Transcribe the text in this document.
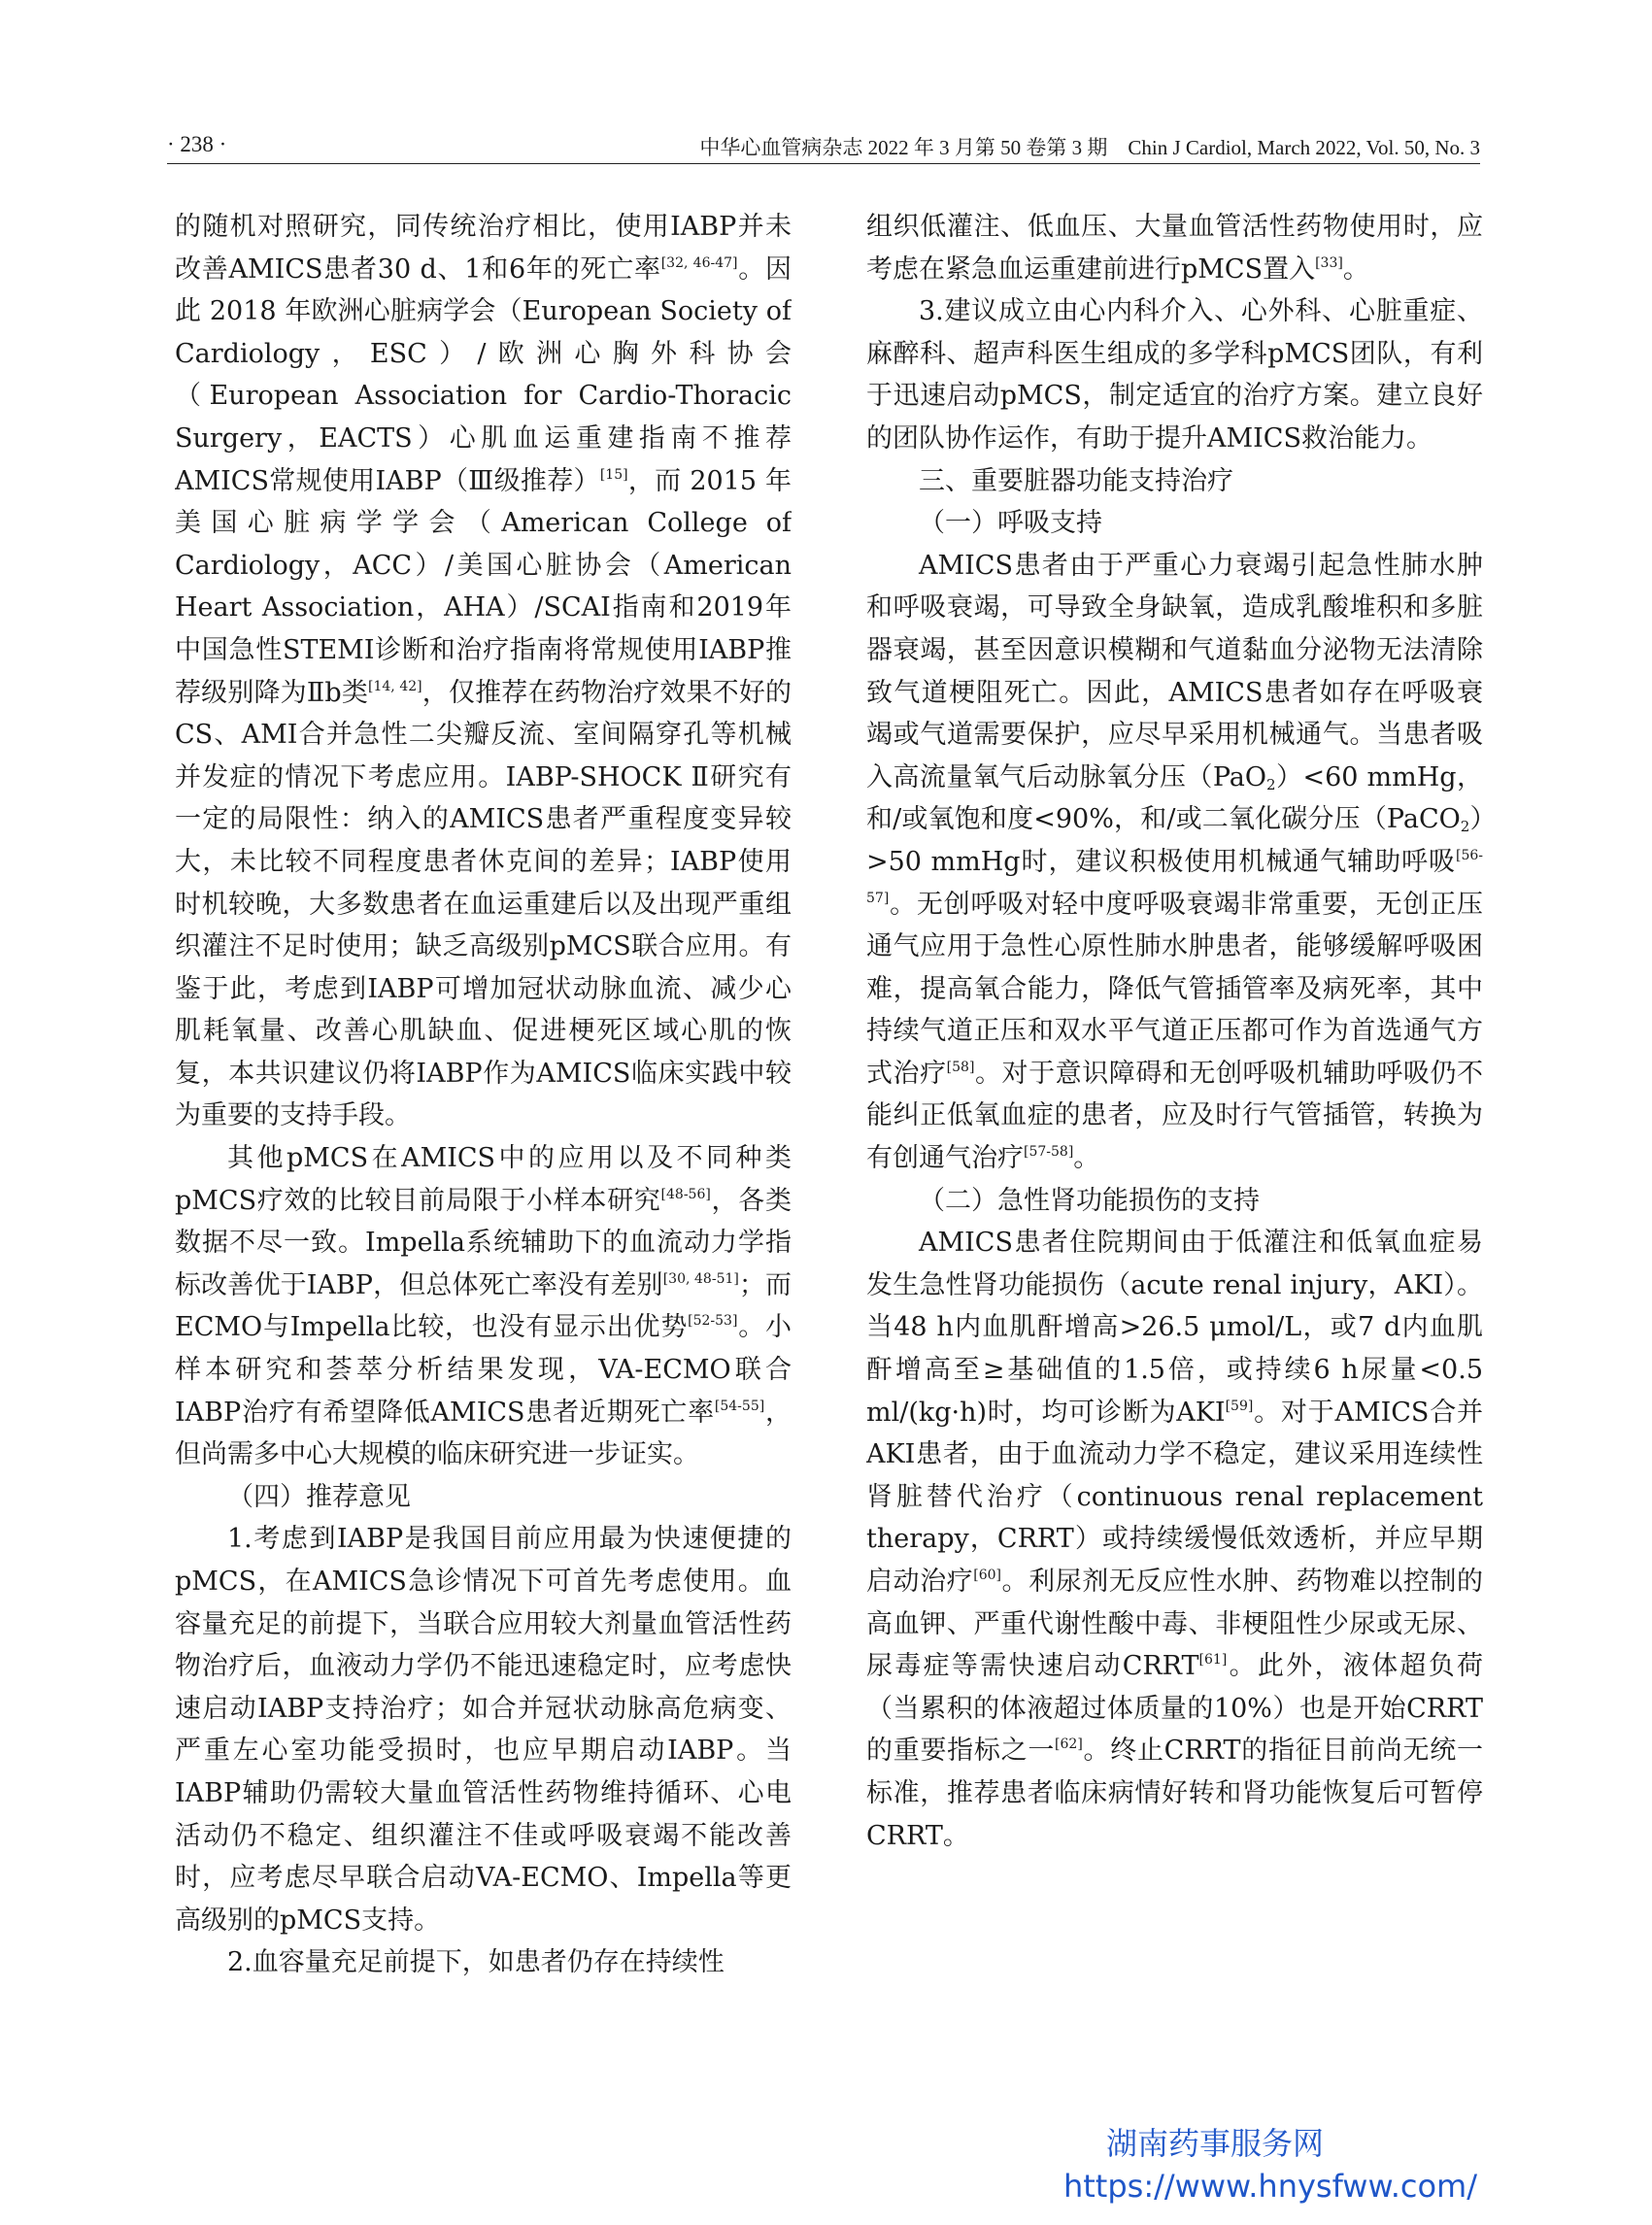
· 238 ·	中华心血管病杂志 2022 年 3 月第 50 卷第 3 期　Chin J Cardiol, March 2022, Vol. 50, No. 3

的随机对照研究，同传统治疗相比，使用IABP并未改善AMICS患者30 d、1和6年的死亡率[32, 46-47]。因此 2018 年欧洲心脏病学会（European Society of Cardiology，ESC）/欧洲心胸外科协会（European Association for Cardio-Thoracic Surgery，EACTS）心肌血运重建指南不推荐AMICS常规使用IABP（Ⅲ级推荐）[15]，而 2015 年美国心脏病学学会（American College of Cardiology，ACC）/美国心脏协会（American Heart Association，AHA）/SCAI指南和2019年中国急性STEMI诊断和治疗指南将常规使用IABP推荐级别降为Ⅱb类[14, 42]，仅推荐在药物治疗效果不好的CS、AMI合并急性二尖瓣反流、室间隔穿孔等机械并发症的情况下考虑应用。IABP-SHOCK Ⅱ研究有一定的局限性：纳入的AMICS患者严重程度变异较大，未比较不同程度患者休克间的差异；IABP使用时机较晚，大多数患者在血运重建后以及出现严重组织灌注不足时使用；缺乏高级别pMCS联合应用。有鉴于此，考虑到IABP可增加冠状动脉血流、减少心肌耗氧量、改善心肌缺血、促进梗死区域心肌的恢复，本共识建议仍将IABP作为AMICS临床实践中较为重要的支持手段。

其他pMCS在AMICS中的应用以及不同种类pMCS疗效的比较目前局限于小样本研究[48-56]，各类数据不尽一致。Impella系统辅助下的血流动力学指标改善优于IABP，但总体死亡率没有差别[30, 48-51]；而ECMO与Impella比较，也没有显示出优势[52-53]。小样本研究和荟萃分析结果发现，VA-ECMO联合IABP治疗有希望降低AMICS患者近期死亡率[54-55]，但尚需多中心大规模的临床研究进一步证实。

（四）推荐意见

1.考虑到IABP是我国目前应用最为快速便捷的pMCS，在AMICS急诊情况下可首先考虑使用。血容量充足的前提下，当联合应用较大剂量血管活性药物治疗后，血液动力学仍不能迅速稳定时，应考虑快速启动IABP支持治疗；如合并冠状动脉高危病变、严重左心室功能受损时，也应早期启动IABP。当IABP辅助仍需较大量血管活性药物维持循环、心电活动仍不稳定、组织灌注不佳或呼吸衰竭不能改善时，应考虑尽早联合启动VA-ECMO、Impella等更高级别的pMCS支持。

2.血容量充足前提下，如患者仍存在持续性

组织低灌注、低血压、大量血管活性药物使用时，应考虑在紧急血运重建前进行pMCS置入[33]。

3.建议成立由心内科介入、心外科、心脏重症、麻醉科、超声科医生组成的多学科pMCS团队，有利于迅速启动pMCS，制定适宜的治疗方案。建立良好的团队协作运作，有助于提升AMICS救治能力。

三、重要脏器功能支持治疗

（一）呼吸支持

AMICS患者由于严重心力衰竭引起急性肺水肿和呼吸衰竭，可导致全身缺氧，造成乳酸堆积和多脏器衰竭，甚至因意识模糊和气道黏血分泌物无法清除致气道梗阻死亡。因此，AMICS患者如存在呼吸衰竭或气道需要保护，应尽早采用机械通气。当患者吸入高流量氧气后动脉氧分压（PaO$_2$）<60 mmHg，和/或氧饱和度<90%，和/或二氧化碳分压（PaCO$_2$）>50 mmHg时，建议积极使用机械通气辅助呼吸[56-57]。无创呼吸对轻中度呼吸衰竭非常重要，无创正压通气应用于急性心原性肺水肿患者，能够缓解呼吸困难，提高氧合能力，降低气管插管率及病死率，其中持续气道正压和双水平气道正压都可作为首选通气方式治疗[58]。对于意识障碍和无创呼吸机辅助呼吸仍不能纠正低氧血症的患者，应及时行气管插管，转换为有创通气治疗[57-58]。

（二）急性肾功能损伤的支持

AMICS患者住院期间由于低灌注和低氧血症易发生急性肾功能损伤（acute renal injury，AKI）。当48 h内血肌酐增高>26.5 μmol/L，或7 d内血肌酐增高至≥基础值的1.5倍，或持续6 h尿量<0.5 ml/(kg·h)时，均可诊断为AKI[59]。对于AMICS合并AKI患者，由于血流动力学不稳定，建议采用连续性肾脏替代治疗（continuous renal replacement therapy，CRRT）或持续缓慢低效透析，并应早期启动治疗[60]。利尿剂无反应性水肿、药物难以控制的高血钾、严重代谢性酸中毒、非梗阻性少尿或无尿、尿毒症等需快速启动CRRT[61]。此外，液体超负荷（当累积的体液超过体质量的10%）也是开始CRRT的重要指标之一[62]。终止CRRT的指征目前尚无统一标准，推荐患者临床病情好转和肾功能恢复后可暂停CRRT。

湖南药事服务网
https://www.hnysfww.com/
